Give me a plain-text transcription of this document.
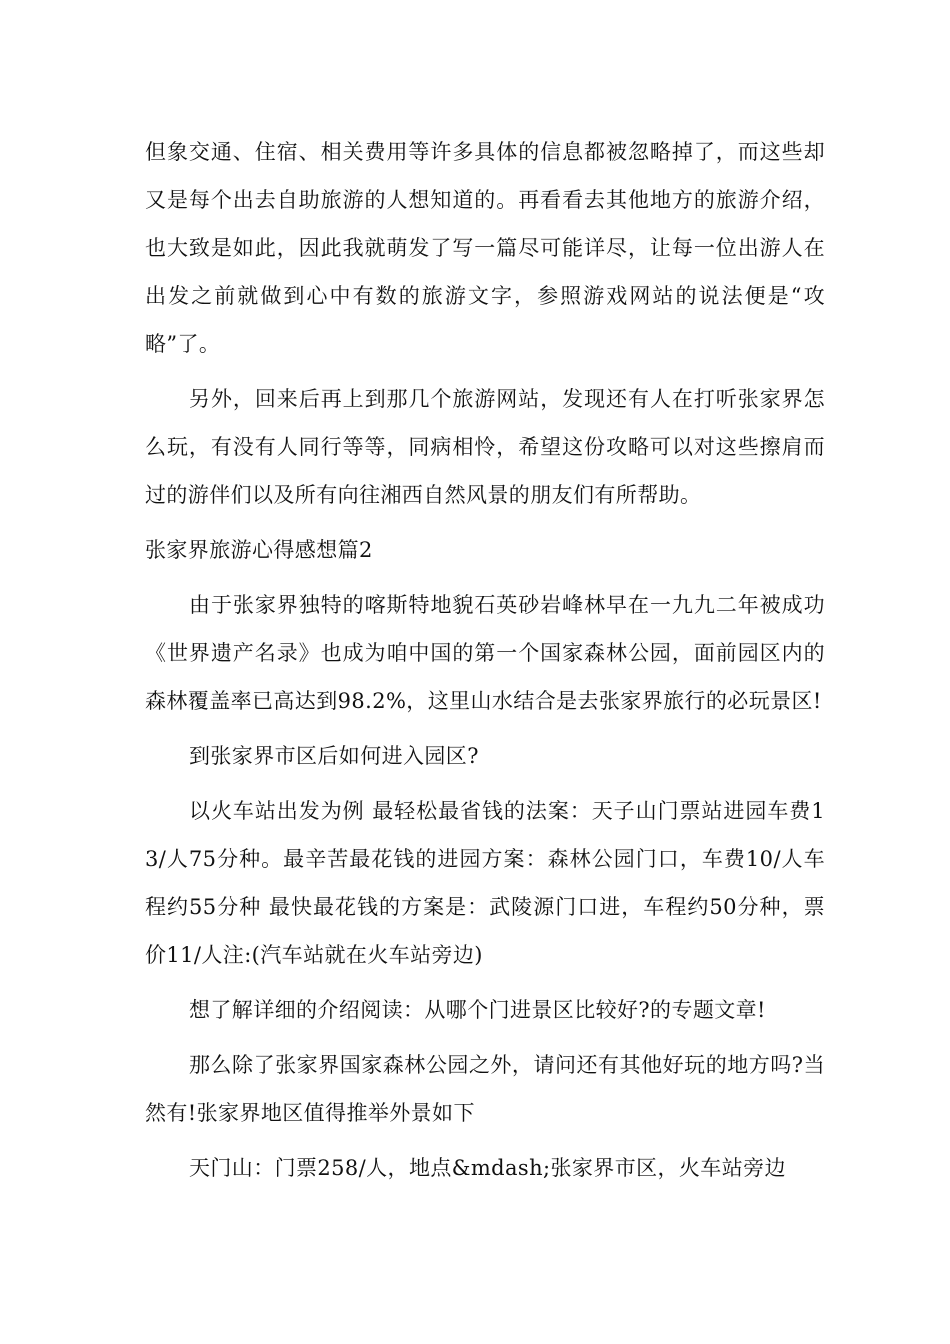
但象交通、住宿、相关费用等许多具体的信息都被忽略掉了，而这些却又是每个出去自助旅游的人想知道的。再看看去其他地方的旅游介绍，也大致是如此，因此我就萌发了写一篇尽可能详尽，让每一位出游人在出发之前就做到心中有数的旅游文字，参照游戏网站的说法便是“攻略”了。

另外，回来后再上到那几个旅游网站，发现还有人在打听张家界怎么玩，有没有人同行等等，同病相怜，希望这份攻略可以对这些擦肩而过的游伴们以及所有向往湘西自然风景的朋友们有所帮助。

张家界旅游心得感想篇2

由于张家界独特的喀斯特地貌石英砂岩峰林早在一九九二年被成功《世界遗产名录》也成为咱中国的第一个国家森林公园，面前园区内的森林覆盖率已高达到98.2%，这里山水结合是去张家界旅行的必玩景区!

到张家界市区后如何进入园区?

以火车站出发为例 最轻松最省钱的法案：天子山门票站进园车费13/人75分种。最辛苦最花钱的进园方案：森林公园门口，车费10/人车程约55分种 最快最花钱的方案是：武陵源门口进，车程约50分种，票价11/人注:(汽车站就在火车站旁边)

想了解详细的介绍阅读：从哪个门进景区比较好?的专题文章!

那么除了张家界国家森林公园之外，请问还有其他好玩的地方吗?当然有!张家界地区值得推举外景如下

天门山：门票258/人，地点&mdash;张家界市区，火车站旁边
